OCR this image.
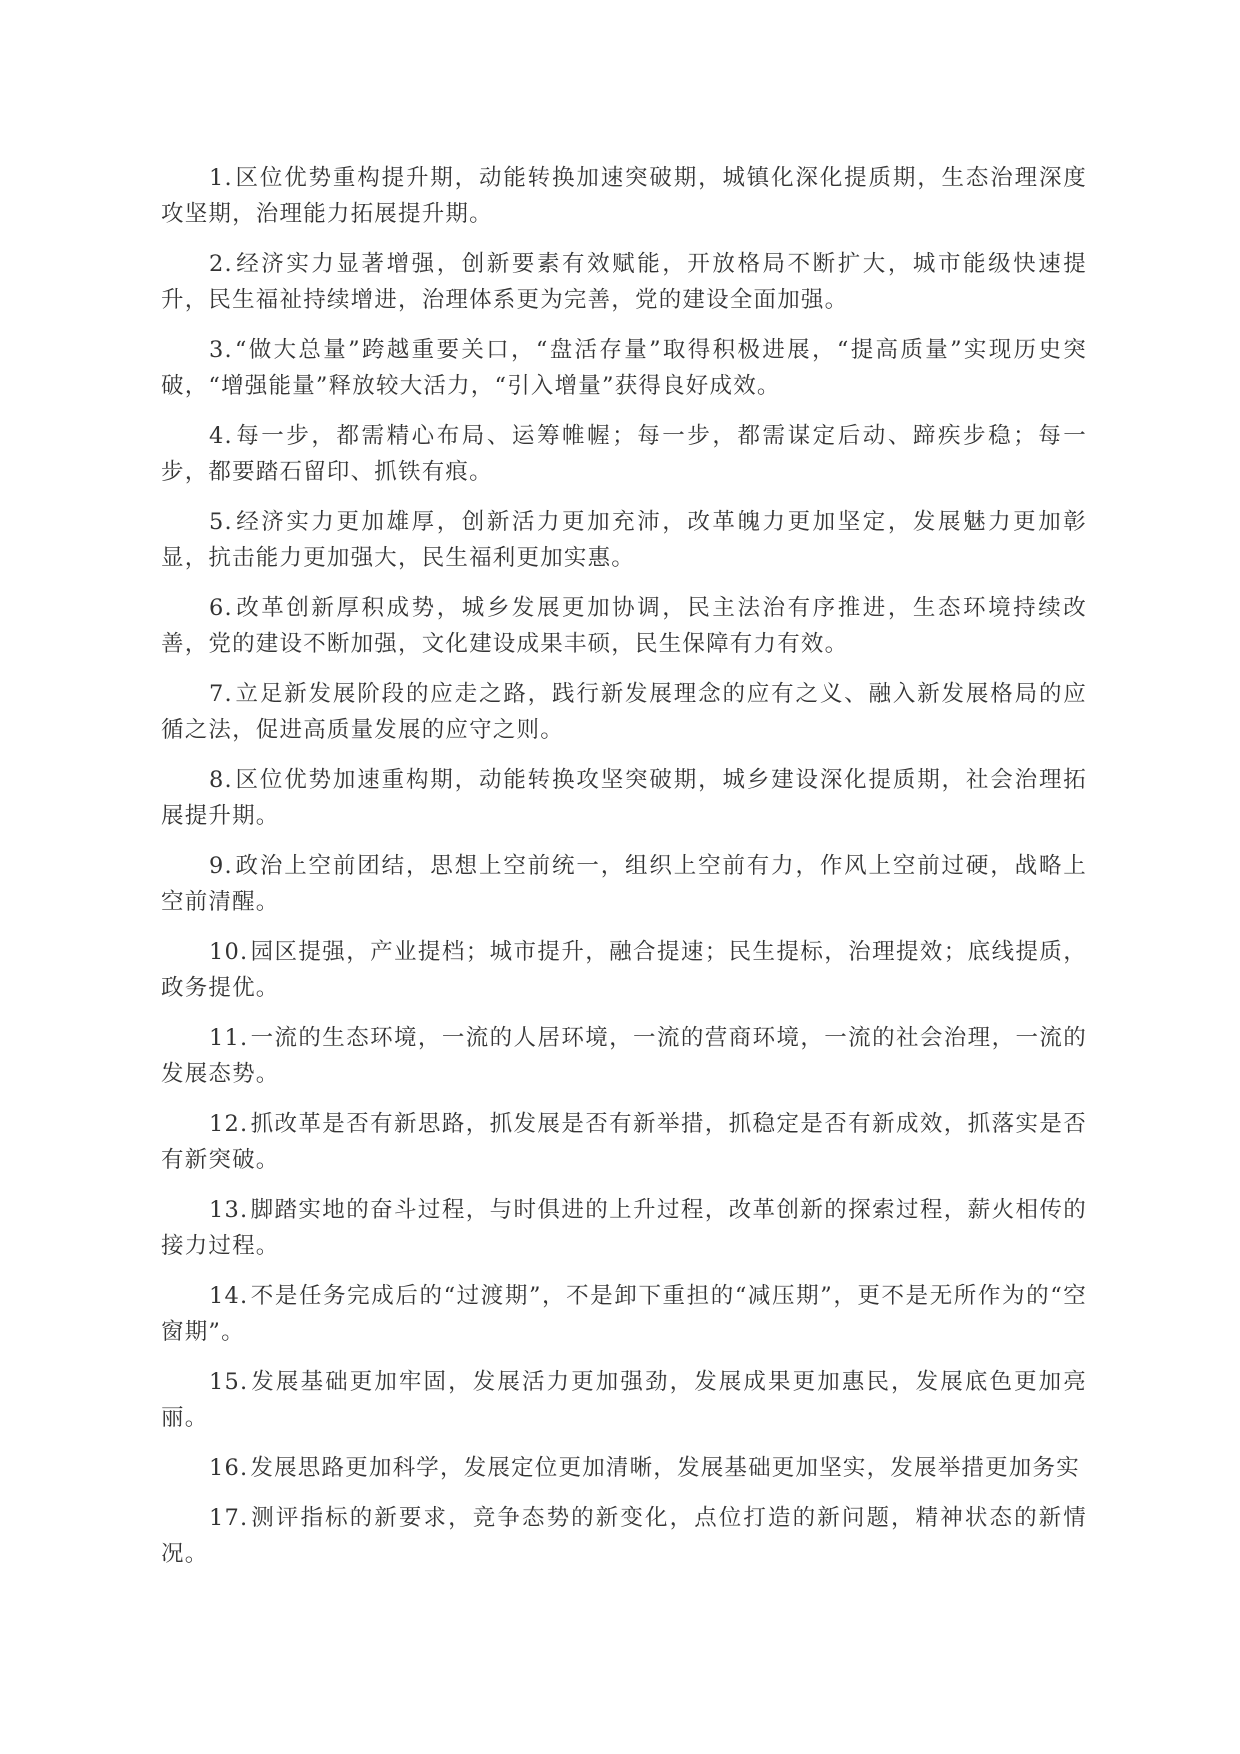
1.区位优势重构提升期，动能转换加速突破期，城镇化深化提质期，生态治理深度攻坚期，治理能力拓展提升期。

2.经济实力显著增强，创新要素有效赋能，开放格局不断扩大，城市能级快速提升，民生福祉持续增进，治理体系更为完善，党的建设全面加强。

3.“做大总量”跨越重要关口，“盘活存量”取得积极进展，“提高质量”实现历史突破，“增强能量”释放较大活力，“引入增量”获得良好成效。

4.每一步，都需精心布局、运筹帷幄；每一步，都需谋定后动、蹄疾步稳；每一步，都要踏石留印、抓铁有痕。

5.经济实力更加雄厚，创新活力更加充沛，改革魄力更加坚定，发展魅力更加彰显，抗击能力更加强大，民生福利更加实惠。

6.改革创新厚积成势，城乡发展更加协调，民主法治有序推进，生态环境持续改善，党的建设不断加强，文化建设成果丰硕，民生保障有力有效。

7.立足新发展阶段的应走之路，践行新发展理念的应有之义、融入新发展格局的应循之法，促进高质量发展的应守之则。

8.区位优势加速重构期，动能转换攻坚突破期，城乡建设深化提质期，社会治理拓展提升期。

9.政治上空前团结，思想上空前统一，组织上空前有力，作风上空前过硬，战略上空前清醒。

10.园区提强，产业提档；城市提升，融合提速；民生提标，治理提效；底线提质，政务提优。

11.一流的生态环境，一流的人居环境，一流的营商环境，一流的社会治理，一流的发展态势。

12.抓改革是否有新思路，抓发展是否有新举措，抓稳定是否有新成效，抓落实是否有新突破。

13.脚踏实地的奋斗过程，与时俱进的上升过程，改革创新的探索过程，薪火相传的接力过程。

14.不是任务完成后的“过渡期”，不是卸下重担的“减压期”，更不是无所作为的“空窗期”。

15.发展基础更加牢固，发展活力更加强劲，发展成果更加惠民，发展底色更加亮丽。

16.发展思路更加科学，发展定位更加清晰，发展基础更加坚实，发展举措更加务实

17.测评指标的新要求，竞争态势的新变化，点位打造的新问题，精神状态的新情况。
